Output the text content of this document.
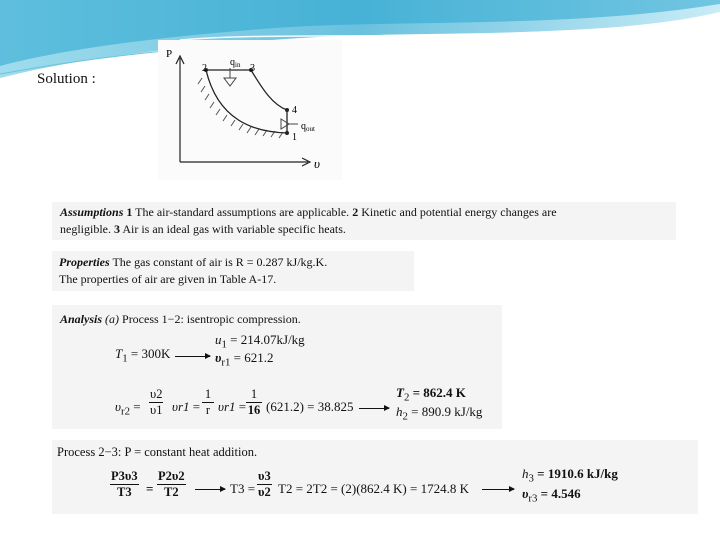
Solution :
P
υ
2	3
4
1
$q_{in}$
$q_{out}$
Assumptions 1 The air-standard assumptions are applicable. 2 Kinetic and potential energy changes are
negligible. 3 Air is an ideal gas with variable specific heats.
Properties The gas constant of air is R = 0.287 kJ/kg.K.
The properties of air are given in Table A-17.
Analysis (a) Process 1−2: isentropic compression.
$T_1 = 300K$
$u_1 = 214.07kJ/kg$
$\upsilon_{r1} = 621.2$
$\upsilon_{r2} = \frac{\upsilon 2}{\upsilon 1} \upsilon r1 = \frac{1}{r} \upsilon r1 = \frac{1}{16} (621.2) = 38.825$
$T_2 = 862.4$ K
$h_2 = 890.9$ kJ/kg
Process 2−3: P = constant heat addition.
$\frac{P3\upsilon 3}{T3} = \frac{P2\upsilon 2}{T2}$	$T3 = \frac{\upsilon 3}{\upsilon 2} T2 = 2T2 = (2)(862.4$ K) = 1724.8 K
$h_3 = 1910.6$ kJ/kg
$\upsilon_{r3} = 4.546$
